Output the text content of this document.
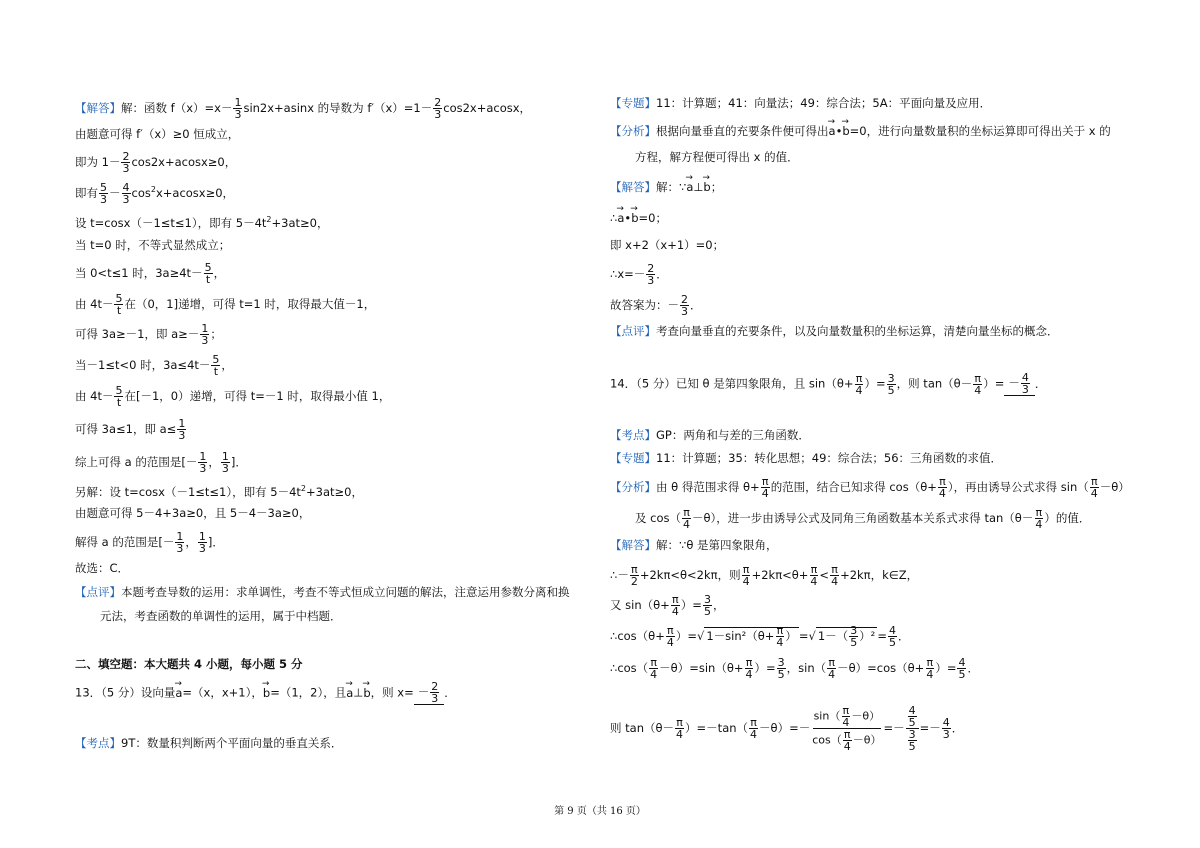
【解答】解：函数 $f(x)=x- \frac{1}{3} \sin 2x+asinx$ 的导数为 $f'(x)=1- \frac{2}{3} \cos 2x+acosx$，
由题意可得 f′（x）≥0 恒成立，
即为 $1- \frac{2}{3} \cos 2x+acosx\ge 0$，
即有 $\frac{5}{3} - \frac{4}{3} \cos^2x+acosx\ge 0$，
设 t=cosx（－1≤t≤1），即有 $5-4t^2+3at\ge 0$，
当 t=0 时，不等式显然成立；
当 0<t≤1 时，$3a\ge 4t- \frac{5}{t}$ ，
由 $4t- \frac{5}{t}$ 在（0，1]递增，可得 t=1 时，取得最大值－1，
可得 3a≥－1，即 $a\ge- \frac{1}{3}$ ；
当－1≤t<0 时，$3a\le 4t- \frac{5}{t}$ ，
由 $4t- \frac{5}{t}$ 在[－1，0）递增，可得 t=－1 时，取得最小值 1，
可得 3a≤1，即 $a\le \frac{1}{3}$
综上可得 a 的范围是[－ $\frac{1}{3}$ ， $\frac{1}{3}$ ]．
另解：设 t=cosx（－1≤t≤1），即有 $5-4t^2+3at\ge 0$，
由题意可得 5－4+3a≥0，且 5－4－3a≥0，
解得 a 的范围是[－ $\frac{1}{3}$ ， $\frac{1}{3}$ ]．
故选：C．
【点评】本题考查导数的运用：求单调性，考查不等式恒成立问题的解法，注意运用参数分离和换
元法，考查函数的单调性的运用，属于中档题．
二、填空题：本大题共 4 小题，每小题 5 分
13．（5 分）设向量→ a=（x，x+1），→ b=（1，2），且→ a⊥→ b，则 $x= - \frac{2}{3}$ ．
【考点】9T：数量积判断两个平面向量的垂直关系．
【专题】11：计算题；41：向量法；49：综合法；5A：平面向量及应用．
【分析】根据向量垂直的充要条件便可得出→ a•→ b=0，进行向量数量积的坐标运算即可得出关于 x 的
方程，解方程便可得出 x 的值．
【解答】解：∵→ a⊥→ b；
∴→ a•→ b=0；
即 x+2（x+1）=0；
∴x=－ $\frac{2}{3}$ ．
故答案为：－ $\frac{2}{3}$ ．
【点评】考查向量垂直的充要条件，以及向量数量积的坐标运算，清楚向量坐标的概念．
14．（5 分）已知 θ 是第四象限角，且 $\sin(\theta+ \frac{\pi}{4}$ ）= $\frac{3}{5}$ ，则 $\tan(\theta- \frac{\pi}{4}$ ）= － $\frac{4}{3}$ ．
【考点】GP：两角和与差的三角函数．
【专题】11：计算题；35：转化思想；49：综合法；56：三角函数的求值．
【分析】由 θ 得范围求得 $\theta+ \frac{\pi}{4}$ 的范围，结合已知求得 $\cos(\theta+ \frac{\pi}{4}$ ），再由诱导公式求得 $\sin( \frac{\pi}{4} -\theta)$
及 $\cos( \frac{\pi}{4} -\theta)$，进一步由诱导公式及同角三角函数基本关系式求得 $\tan(\theta- \frac{\pi}{4}$ ）的值．
【解答】解：∵θ 是第四象限角，
∴－ $\frac{\pi}{2} +2k\pi<\theta<2k\pi$，则 $\frac{\pi}{4} +2k\pi<\theta+ \frac{\pi}{4} < \frac{\pi}{4} +2k\pi$，k∈Z，
又 $\sin(\theta+ \frac{\pi}{4}$ ）= $\frac{3}{5}$ ，
∴cos（θ+ $\frac{\pi}{4}$ ）=√ $1-\sin^2(\theta+ \frac{\pi}{4}$ ） =√ $1-( \frac{3}{5} )^2 = \frac{4}{5}$ ．
∴cos（ $\frac{\pi}{4} -\theta)=\sin(\theta+ \frac{\pi}{4}$ ）= $\frac{3}{5}$ ，$\sin( \frac{\pi}{4} -\theta)=\cos(\theta+ \frac{\pi}{4}$ ）= $\frac{4}{5}$ ．
则 $\tan(\theta- \frac{\pi}{4} )=-\tan( \frac{\pi}{4} -\theta)=- \frac{\sin( \frac{\pi}{4} -\theta)}{\cos( \frac{\pi}{4} -\theta)} =- \frac{\frac{4}{5}}{\frac{3}{5}} =- \frac{4}{3}$ ．
第 9 页（共 16 页）
